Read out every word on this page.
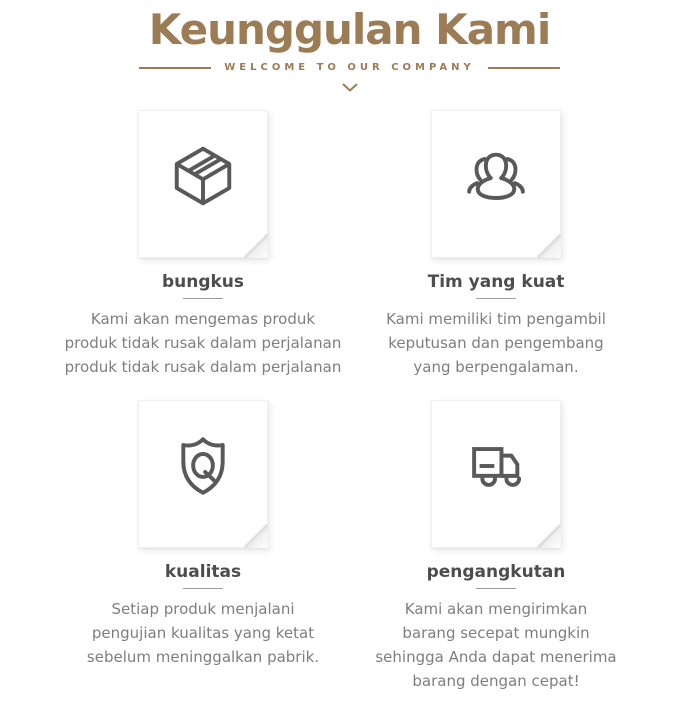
Keunggulan Kami
WELCOME TO OUR COMPANY
bungkus

Kami akan mengemas produk
produk tidak rusak dalam perjalanan
produk tidak rusak dalam perjalanan

Tim yang kuat

Kami memiliki tim pengambil
keputusan dan pengembang
yang berpengalaman.

kualitas

Setiap produk menjalani
pengujian kualitas yang ketat
sebelum meninggalkan pabrik.

pengangkutan

Kami akan mengirimkan
barang secepat mungkin
sehingga Anda dapat menerima
barang dengan cepat!
